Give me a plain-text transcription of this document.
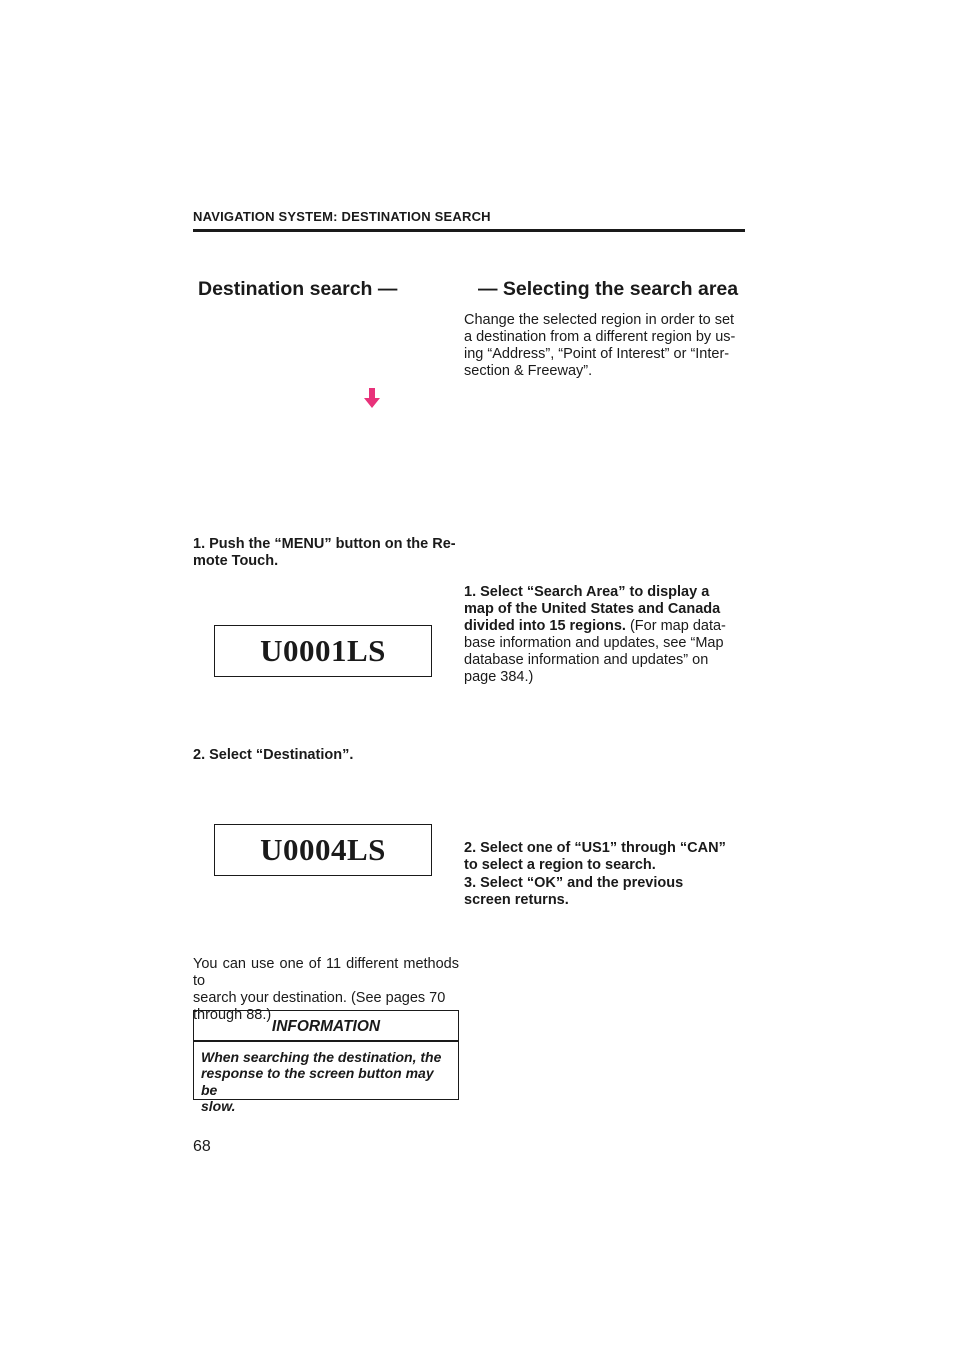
NAVIGATION SYSTEM: DESTINATION SEARCH
Destination search —	— Selecting the search area
1. Push the “MENU” button on the Re-
mote Touch.
U0001LS
2. Select “Destination”.
U0004LS
You can use one of 11 different methods to
search your destination. (See pages 70
through 88.)
INFORMATION
When searching the destination, the
response to the screen button may be
slow.
Change the selected region in order to set
a destination from a different region by us-
ing “Address”, “Point of Interest” or “Inter-
section & Freeway”.
1. Select “Search Area” to display a
map of the United States and Canada
divided into 15 regions. (For map data-
base information and updates, see “Map
database information and updates” on
page 384.)
2. Select one of “US1” through “CAN”
to select a region to search.
3. Select “OK” and the previous
screen returns.
68
